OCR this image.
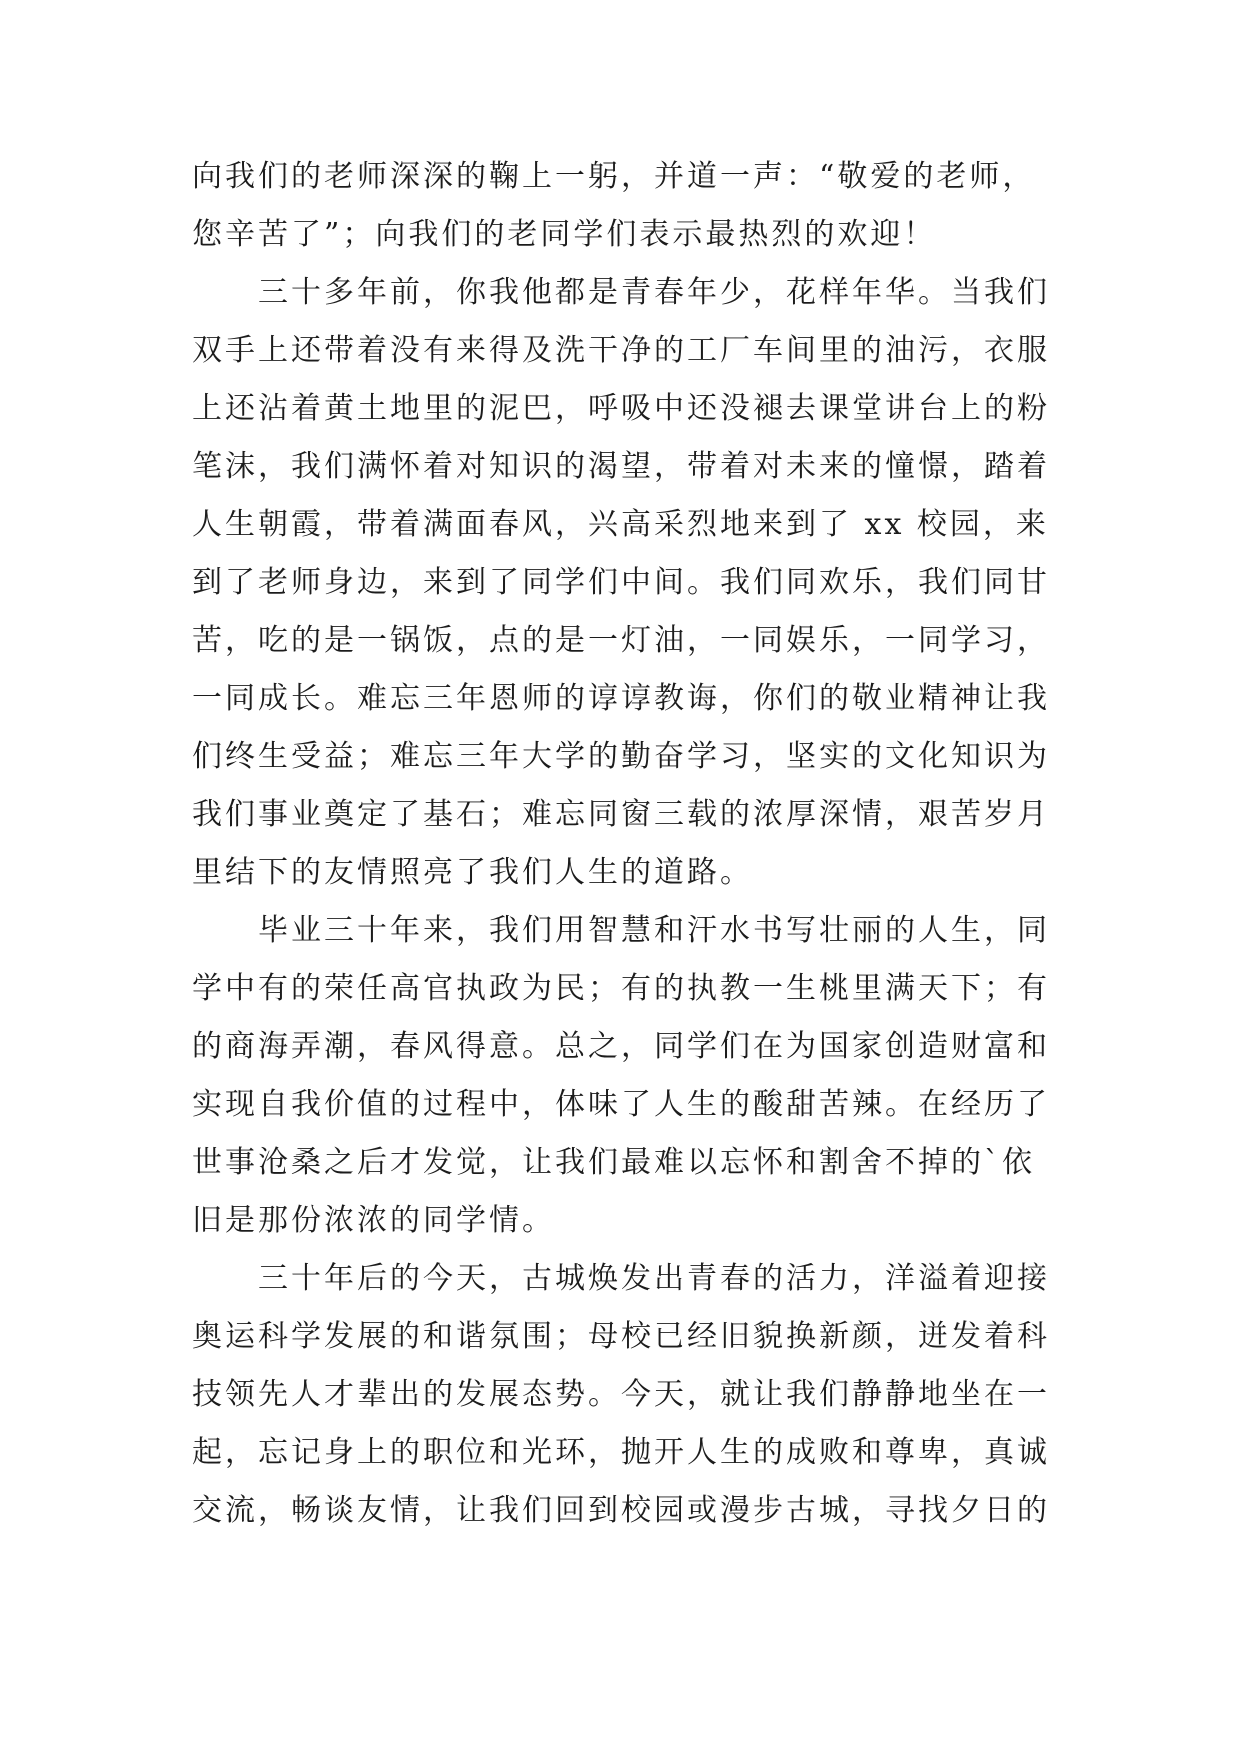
向我们的老师深深的鞠上一躬，并道一声：“敬爱的老师，
您辛苦了”；向我们的老同学们表示最热烈的欢迎！
三十多年前，你我他都是青春年少，花样年华。当我们
双手上还带着没有来得及洗干净的工厂车间里的油污，衣服
上还沾着黄土地里的泥巴，呼吸中还没褪去课堂讲台上的粉
笔沫，我们满怀着对知识的渴望，带着对未来的憧憬，踏着
人生朝霞，带着满面春风，兴高采烈地来到了 xx 校园，来
到了老师身边，来到了同学们中间。我们同欢乐，我们同甘
苦，吃的是一锅饭，点的是一灯油，一同娱乐，一同学习，
一同成长。难忘三年恩师的谆谆教诲，你们的敬业精神让我
们终生受益；难忘三年大学的勤奋学习，坚实的文化知识为
我们事业奠定了基石；难忘同窗三载的浓厚深情，艰苦岁月
里结下的友情照亮了我们人生的道路。
毕业三十年来，我们用智慧和汗水书写壮丽的人生，同
学中有的荣任高官执政为民；有的执教一生桃里满天下；有
的商海弄潮，春风得意。总之，同学们在为国家创造财富和
实现自我价值的过程中，体味了人生的酸甜苦辣。在经历了
世事沧桑之后才发觉，让我们最难以忘怀和割舍不掉的`依
旧是那份浓浓的同学情。
三十年后的今天，古城焕发出青春的活力，洋溢着迎接
奥运科学发展的和谐氛围；母校已经旧貌换新颜，迸发着科
技领先人才辈出的发展态势。今天，就让我们静静地坐在一
起，忘记身上的职位和光环，抛开人生的成败和尊卑，真诚
交流，畅谈友情，让我们回到校园或漫步古城，寻找夕日的
